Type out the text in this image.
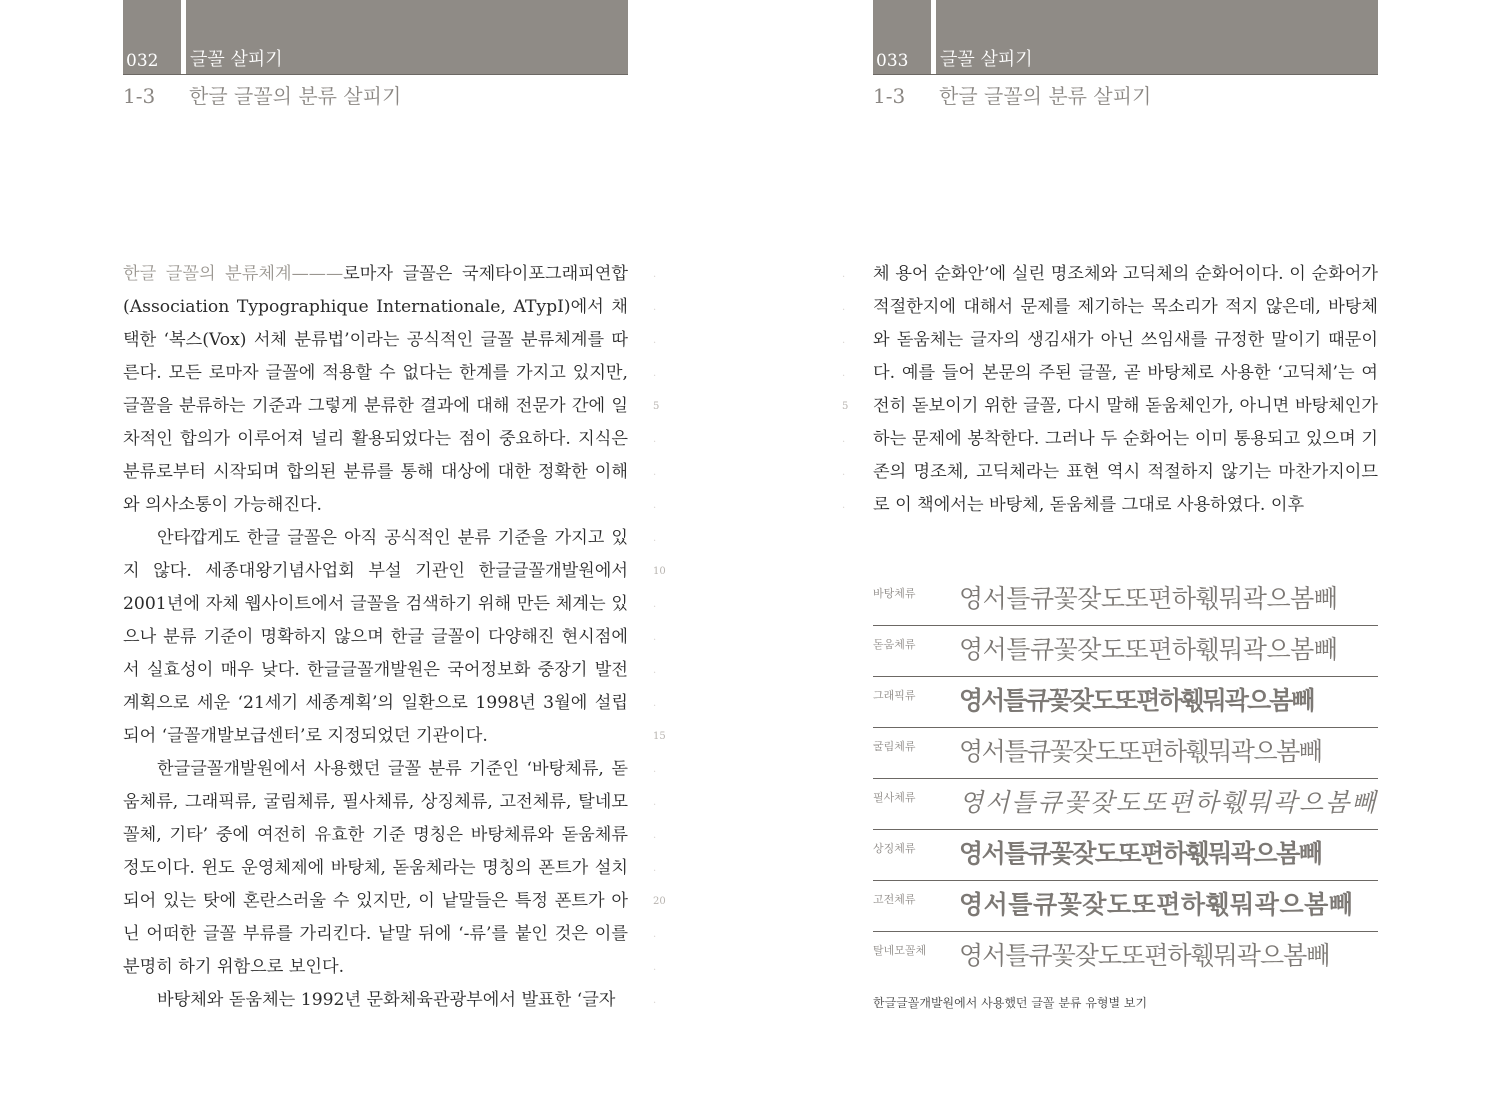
032 글꼴 살피기
1-3 한글 글꼴의 분류 살피기

한글 글꼴의 분류체계———로마자 글꼴은 국제타이포그래피연합(Association Typographique Internationale, ATypI)에서 채택한 ‘복스(Vox) 서체 분류법’이라는 공식적인 글꼴 분류체계를 따른다. 모든 로마자 글꼴에 적용할 수 없다는 한계를 가지고 있지만, 글꼴을 분류하는 기준과 그렇게 분류한 결과에 대해 전문가 간에 일차적인 합의가 이루어져 널리 활용되었다는 점이 중요하다. 지식은 분류로부터 시작되며 합의된 분류를 통해 대상에 대한 정확한 이해와 의사소통이 가능해진다.

안타깝게도 한글 글꼴은 아직 공식적인 분류 기준을 가지고 있지 않다. 세종대왕기념사업회 부설 기관인 한글글꼴개발원에서 2001년에 자체 웹사이트에서 글꼴을 검색하기 위해 만든 체계는 있으나 분류 기준이 명확하지 않으며 한글 글꼴이 다양해진 현시점에서 실효성이 매우 낮다. 한글글꼴개발원은 국어정보화 중장기 발전계획으로 세운 ‘21세기 세종계획’의 일환으로 1998년 3월에 설립되어 ‘글꼴개발보급센터’로 지정되었던 기관이다.

한글글꼴개발원에서 사용했던 글꼴 분류 기준인 ‘바탕체류, 돋움체류, 그래픽류, 굴림체류, 필사체류, 상징체류, 고전체류, 탈네모꼴체, 기타’ 중에 여전히 유효한 기준 명칭은 바탕체류와 돋움체류 정도이다. 윈도 운영체제에 바탕체, 돋움체라는 명칭의 폰트가 설치되어 있는 탓에 혼란스러울 수 있지만, 이 낱말들은 특정 폰트가 아닌 어떠한 글꼴 부류를 가리킨다. 낱말 뒤에 ‘-류’를 붙인 것은 이를 분명히 하기 위함으로 보인다.

바탕체와 돋움체는 1992년 문화체육관광부에서 발표한 ‘글자

.
.
.
.
5
.
.
.
.
10
.
.
.
.
15
.
.
.
.
20
.
.
.
033 글꼴 살피기
1-3 한글 글꼴의 분류 살피기

체 용어 순화안’에 실린 명조체와 고딕체의 순화어이다. 이 순화어가 적절한지에 대해서 문제를 제기하는 목소리가 적지 않은데, 바탕체와 돋움체는 글자의 생김새가 아닌 쓰임새를 규정한 말이기 때문이다. 예를 들어 본문의 주된 글꼴, 곧 바탕체로 사용한 ‘고딕체’는 여전히 돋보이기 위한 글꼴, 다시 말해 돋움체인가, 아니면 바탕체인가 하는 문제에 봉착한다. 그러나 두 순화어는 이미 통용되고 있으며 기존의 명조체, 고딕체라는 표현 역시 적절하지 않기는 마찬가지이므로 이 책에서는 바탕체, 돋움체를 그대로 사용하였다. 이후

.
.
.
.
5
.
.
.
바탕체류 영서틀큐꽃잦도또편하훿뭐곽으봄빼
돋움체류 영서틀큐꽃잦도또편하훿뭐곽으봄빼
그래픽류 영서틀큐꽃잦도또편하훿뭐곽으봄빼
굴림체류 영서틀큐꽃잦도또편하훿뭐곽으봄빼
필사체류 영서틀큐꽃잦도또편하훿뭐곽으봄빼
상징체류 영서틀큐꽃잦도또편하훿뭐곽으봄빼
고전체류 영서틀큐꽃잦도또편하훿뭐곽으봄빼
탈네모꼴체 영서틀큐꽃잦도또편하훿뭐곽으봄빼
한글글꼴개발원에서 사용했던 글꼴 분류 유형별 보기
